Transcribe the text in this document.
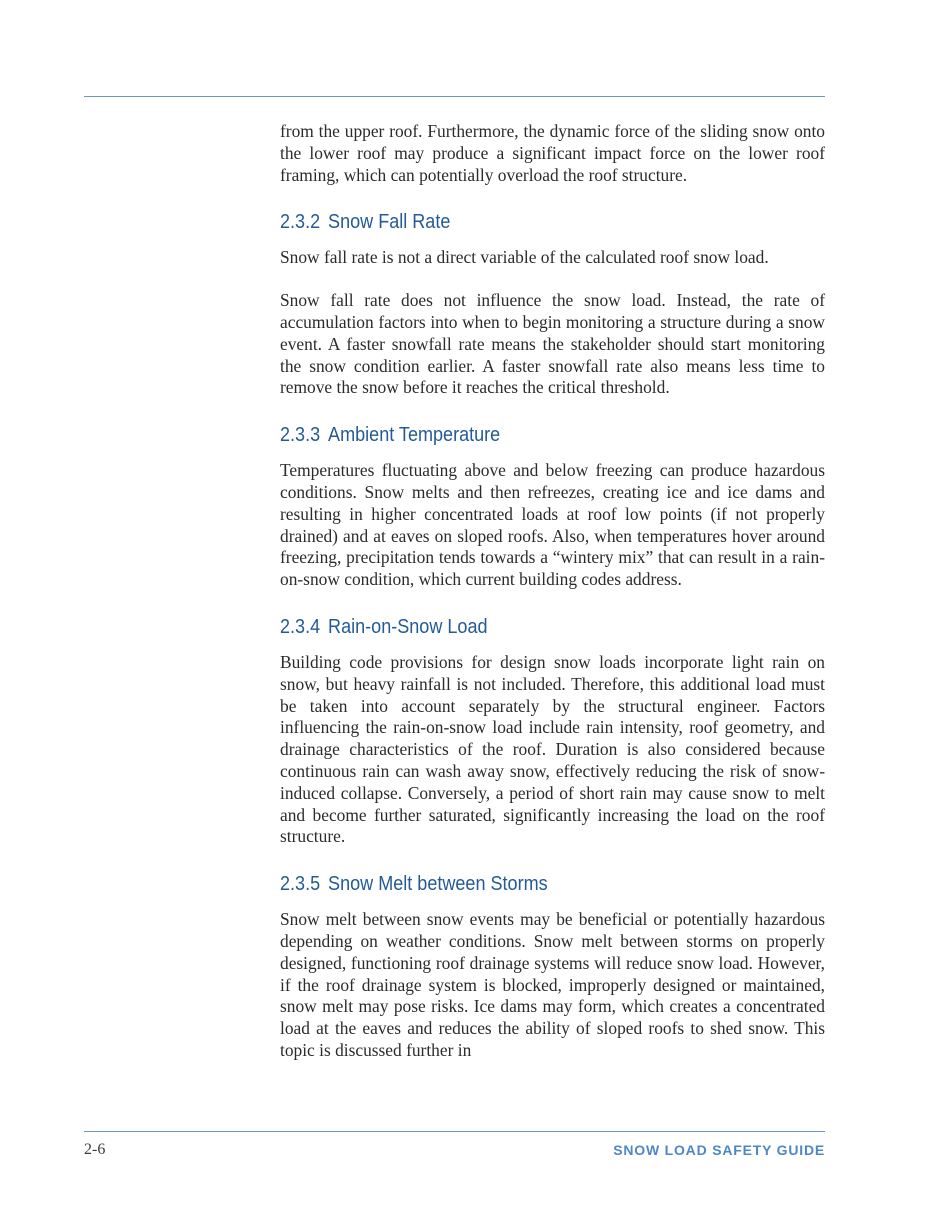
from the upper roof. Furthermore, the dynamic force of the sliding snow onto the lower roof may produce a significant impact force on the lower roof framing, which can potentially overload the roof structure.

2.3.2 Snow Fall Rate

Snow fall rate is not a direct variable of the calculated roof snow load.

Snow fall rate does not influence the snow load. Instead, the rate of accumulation factors into when to begin monitoring a structure during a snow event. A faster snowfall rate means the stakeholder should start monitoring the snow condition earlier. A faster snowfall rate also means less time to remove the snow before it reaches the critical threshold.

2.3.3 Ambient Temperature

Temperatures fluctuating above and below freezing can produce hazardous conditions. Snow melts and then refreezes, creating ice and ice dams and resulting in higher concentrated loads at roof low points (if not properly drained) and at eaves on sloped roofs. Also, when temperatures hover around freezing, precipitation tends towards a “wintery mix” that can result in a rain-on-snow condition, which current building codes address.

2.3.4 Rain-on-Snow Load

Building code provisions for design snow loads incorporate light rain on snow, but heavy rainfall is not included. Therefore, this additional load must be taken into account separately by the structural engineer. Factors influencing the rain-on-snow load include rain intensity, roof geometry, and drainage characteristics of the roof. Duration is also considered because continuous rain can wash away snow, effectively reducing the risk of snow-induced collapse. Conversely, a period of short rain may cause snow to melt and become further saturated, significantly increasing the load on the roof structure.

2.3.5 Snow Melt between Storms

Snow melt between snow events may be beneficial or potentially hazardous depending on weather conditions. Snow melt between storms on properly designed, functioning roof drainage systems will reduce snow load. However, if the roof drainage system is blocked, improperly designed or maintained, snow melt may pose risks. Ice dams may form, which creates a concentrated load at the eaves and reduces the ability of sloped roofs to shed snow. This topic is discussed further in

2-6	SNOW LOAD SAFETY GUIDE
